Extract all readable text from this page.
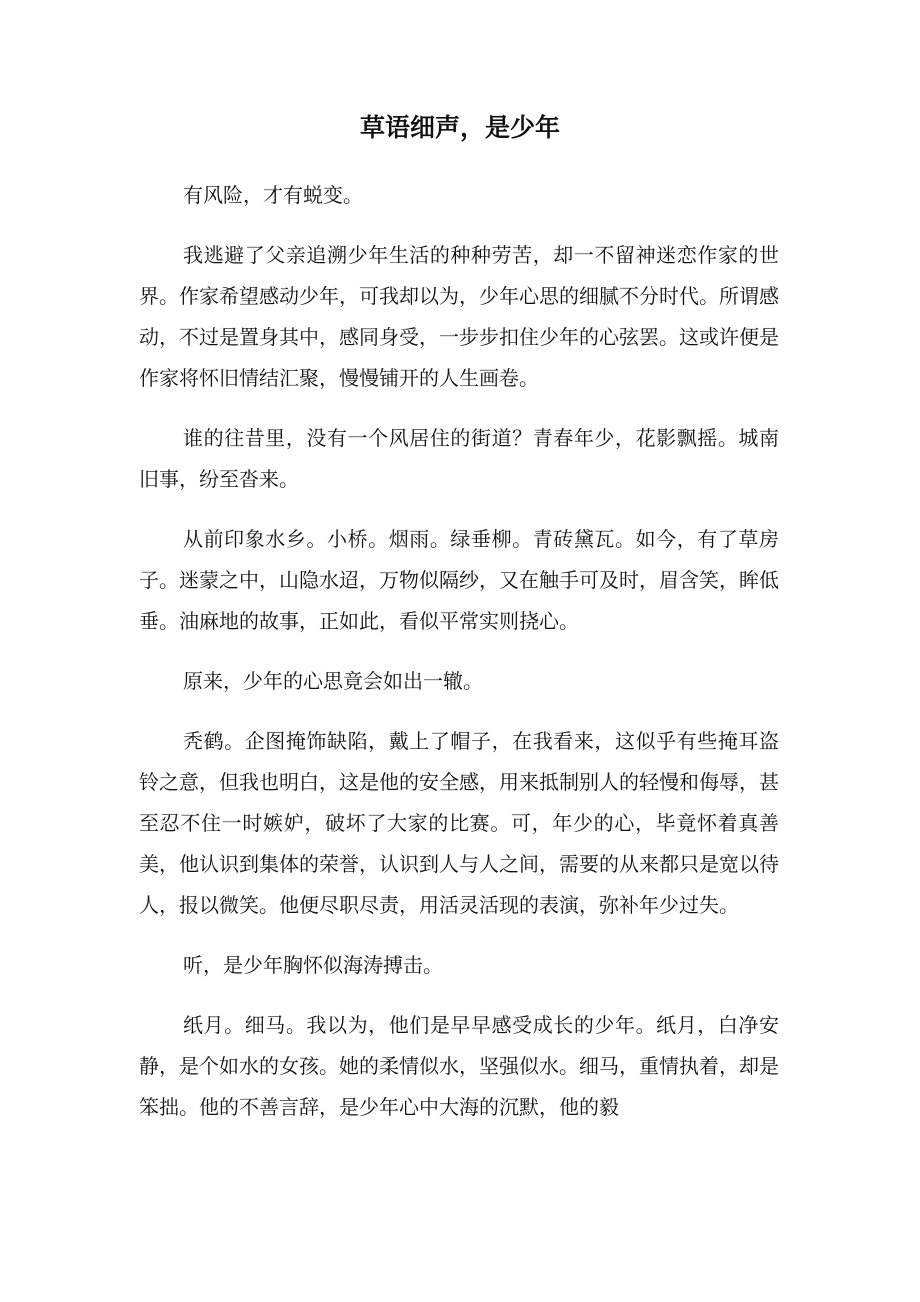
草语细声，是少年

有风险，才有蜕变。

我逃避了父亲追溯少年生活的种种劳苦，却一不留神迷恋作家的世界。作家希望感动少年，可我却以为，少年心思的细腻不分时代。所谓感动，不过是置身其中，感同身受，一步步扣住少年的心弦罢。这或许便是作家将怀旧情结汇聚，慢慢铺开的人生画卷。

谁的往昔里，没有一个风居住的街道？青春年少，花影飘摇。城南旧事，纷至沓来。

从前印象水乡。小桥。烟雨。绿垂柳。青砖黛瓦。如今，有了草房子。迷蒙之中，山隐水迢，万物似隔纱，又在触手可及时，眉含笑，眸低垂。油麻地的故事，正如此，看似平常实则挠心。

原来，少年的心思竟会如出一辙。

秃鹤。企图掩饰缺陷，戴上了帽子，在我看来，这似乎有些掩耳盗铃之意，但我也明白，这是他的安全感，用来抵制别人的轻慢和侮辱，甚至忍不住一时嫉妒，破坏了大家的比赛。可，年少的心，毕竟怀着真善美，他认识到集体的荣誉，认识到人与人之间，需要的从来都只是宽以待人，报以微笑。他便尽职尽责，用活灵活现的表演，弥补年少过失。

听，是少年胸怀似海涛搏击。

纸月。细马。我以为，他们是早早感受成长的少年。纸月，白净安静，是个如水的女孩。她的柔情似水，坚强似水。细马，重情执着，却是笨拙。他的不善言辞，是少年心中大海的沉默，他的毅
